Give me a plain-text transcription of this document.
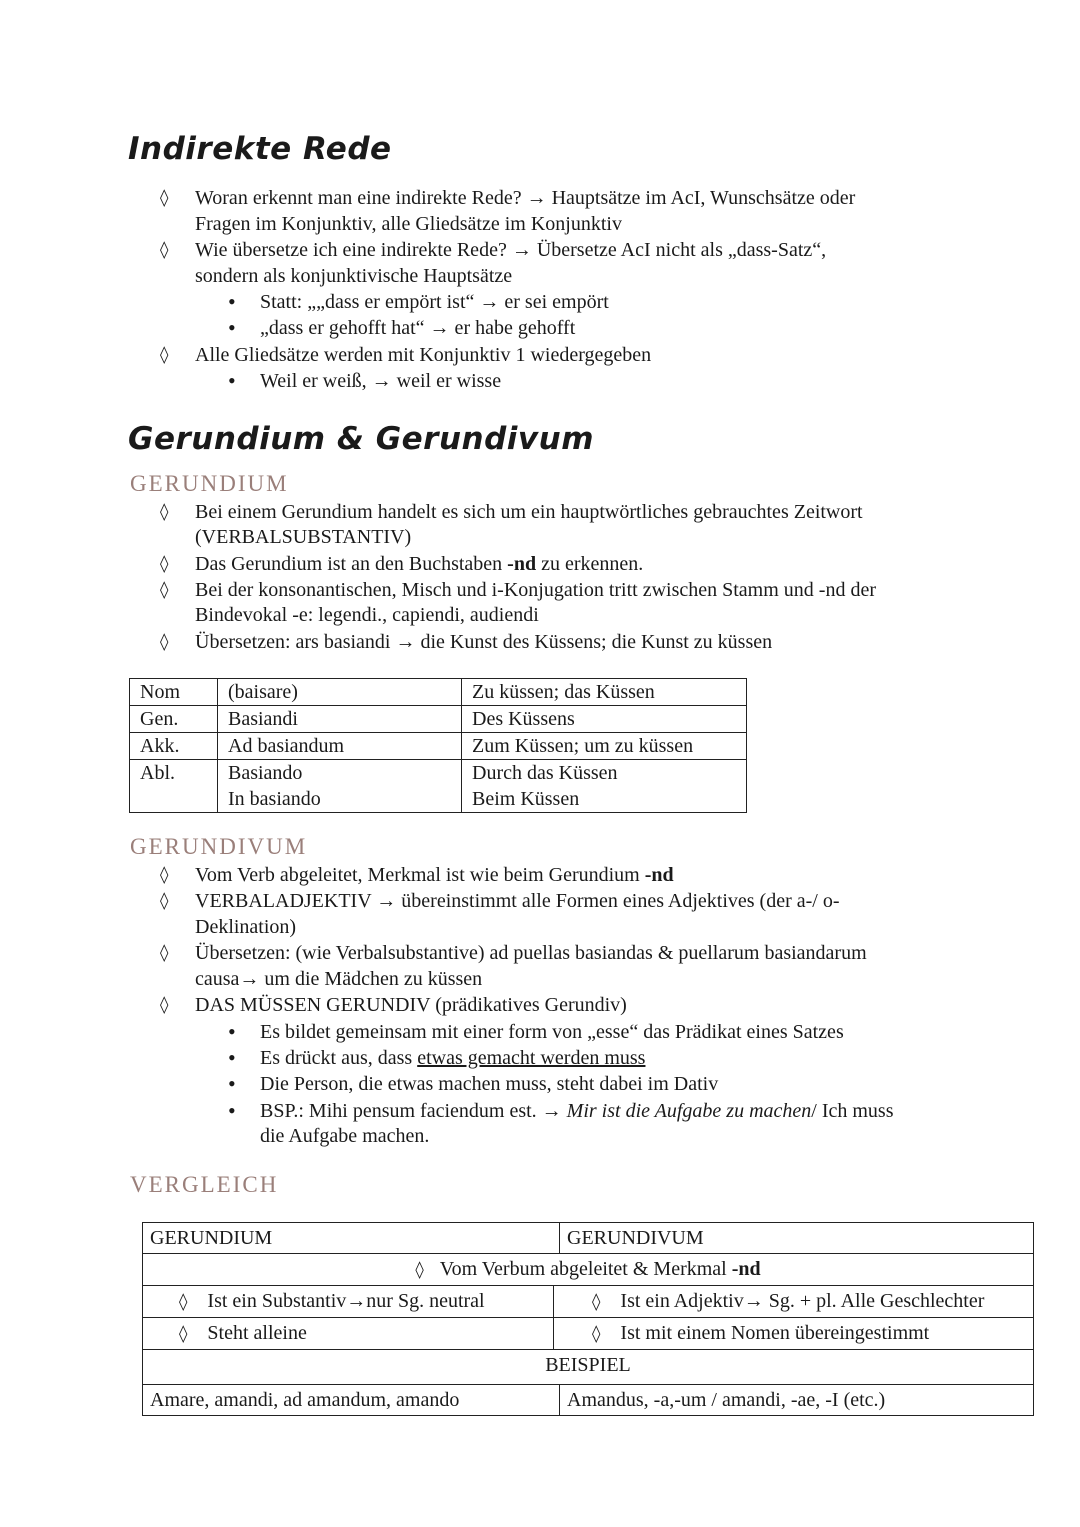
Indirekte Rede
◊ Woran erkennt man eine indirekte Rede? → Hauptsätze im AcI, Wunschsätze oder
Fragen im Konjunktiv, alle Gliedsätze im Konjunktiv
◊ Wie übersetze ich eine indirekte Rede? → Übersetze AcI nicht als „dass-Satz“,
sondern als konjunktivische Hauptsätze
• Statt: „„dass er empört ist“ → er sei empört
• „dass er gehofft hat“ → er habe gehofft
◊ Alle Gliedsätze werden mit Konjunktiv 1 wiedergegeben
• Weil er weiß, → weil er wisse
Gerundium & Gerundivum
GERUNDIUM
◊ Bei einem Gerundium handelt es sich um ein hauptwörtliches gebrauchtes Zeitwort
(VERBALSUBSTANTIV)
◊ Das Gerundium ist an den Buchstaben -nd zu erkennen.
◊ Bei der konsonantischen, Misch und i-Konjugation tritt zwischen Stamm und -nd der
Bindevokal -e: legendi., capiendi, audiendi
◊ Übersetzen: ars basiandi → die Kunst des Küssens; die Kunst zu küssen
Nom	(baisare)	Zu küssen; das Küssen
Gen.	Basiandi	Des Küssens
Akk.	Ad basiandum	Zum Küssen; um zu küssen
Abl.	Basiando	Durch das Küssen
	In basiando	Beim Küssen
GERUNDIVUM
◊ Vom Verb abgeleitet, Merkmal ist wie beim Gerundium -nd
◊ VERBALADJEKTIV → übereinstimmt alle Formen eines Adjektives (der a-/ o-
Deklination)
◊ Übersetzen: (wie Verbalsubstantive) ad puellas basiandas & puellarum basiandarum
causa→ um die Mädchen zu küssen
◊ DAS MÜSSEN GERUNDIV (prädikatives Gerundiv)
• Es bildet gemeinsam mit einer form von „esse“ das Prädikat eines Satzes
• Es drückt aus, dass etwas gemacht werden muss
• Die Person, die etwas machen muss, steht dabei im Dativ
• BSP.: Mihi pensum faciendum est. → Mir ist die Aufgabe zu machen/ Ich muss
die Aufgabe machen.
VERGLEICH
GERUNDIUM		GERUNDIVUM
◊ Vom Verbum abgeleitet & Merkmal -nd		
◊ Ist ein Substantiv→nur Sg. neutral	◊ Ist ein Adjektiv→ Sg. + pl. Alle Geschlechter	
◊ Steht alleine	◊ Ist mit einem Nomen übereingestimmt	
BEISPIEL		
Amare, amandi, ad amandum, amando		Amandus, -a,-um / amandi, -ae, -I (etc.)
